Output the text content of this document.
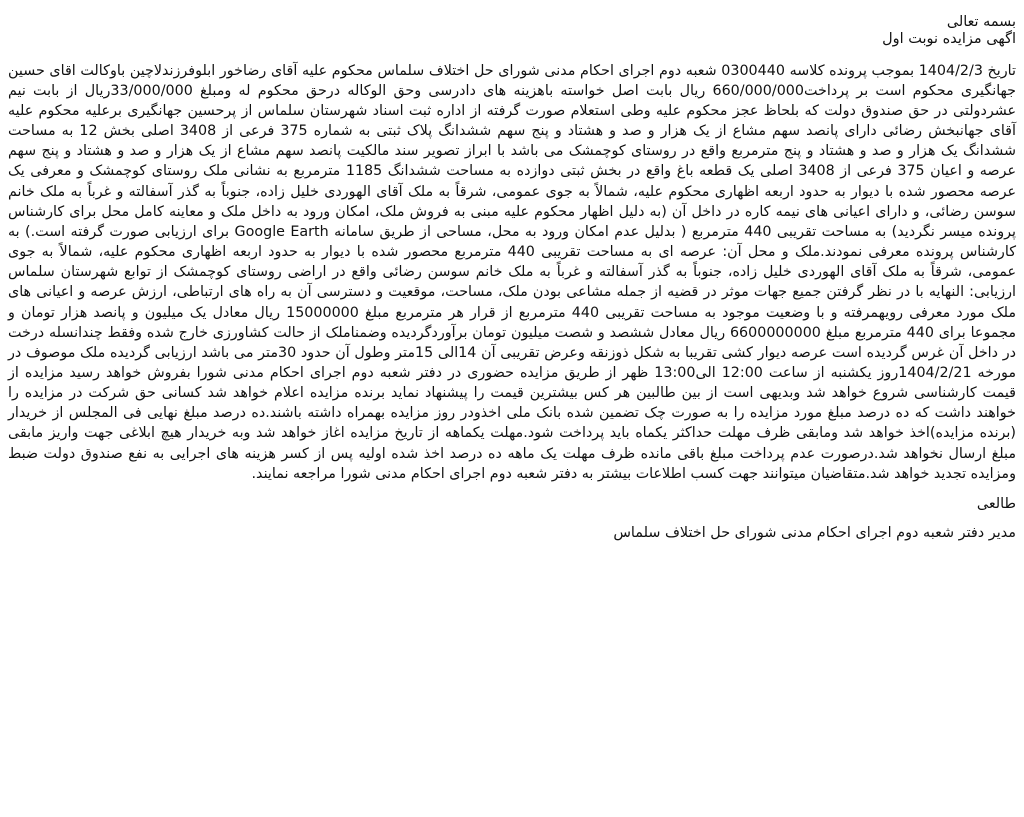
بسمه تعالی

اگهی مزایده نوبت اول

تاریخ 1404/2/3 بموجب پرونده کلاسه 0300440 شعبه دوم اجرای احکام مدنی شورای حل اختلاف سلماس محکوم علیه آقای رضاخور ابلوفرزندلاچین باوکالت اقای حسین جهانگیری محکوم است بر پرداخت660/000/000 ریال بابت اصل خواسته باهزینه های دادرسی وحق الوکاله درحق محکوم له ومبلغ 33/000/000ریال از بابت نیم عشردولتی در حق صندوق دولت که بلحاظ عجز محکوم علیه وطی استعلام صورت گرفته از اداره ثبت اسناد شهرستان سلماس از پرحسین جهانگیری برعلیه محکوم علیه آقای جهانبخش رضائی دارای پانصد سهم مشاع از یک هزار و صد و هشتاد و پنج سهم ششدانگ پلاک ثبتی به شماره 375 فرعی از 3408 اصلی بخش 12 به مساحت ششدانگ یک هزار و صد و هشتاد و پنج مترمربع واقع در روستای کوچمشک می باشد با ابراز تصویر سند مالکیت پانصد سهم مشاع از یک هزار و صد و هشتاد و پنج سهم عرصه و اعیان 375 فرعی از 3408 اصلی یک قطعه باغ واقع در بخش ثبتی دوازده به مساحت ششدانگ 1185 مترمربع به نشانی ملک روستای کوچمشک و معرفی یک عرصه محصور شده با دیوار به حدود اربعه اظهاری محکوم علیه، شمالاً به جوی عمومی، شرقاً به ملک آقای الهوردی خلیل زاده، جنوباً به گذر آسفالته و غرباً به ملک خانم سوسن رضائی، و دارای اعیانی های نیمه کاره در داخل آن (به دلیل اظهار محکوم علیه مبنی به فروش ملک، امکان ورود به داخل ملک و معاینه کامل محل برای کارشناس پرونده میسر نگردید) به مساحت تقریبی 440 مترمربع ( بدلیل عدم امکان ورود به محل، مساحی از طریق سامانه Google Earth برای ارزیابی صورت گرفته است.) به کارشناس پرونده معرفی نمودند.ملک و محل آن: عرصه ای به مساحت تقریبی 440 مترمربع محصور شده با دیوار به حدود اربعه اظهاری محکوم علیه، شمالاً به جوی عمومی، شرقاً به ملک آقای الهوردی خلیل زاده، جنوباً به گذر آسفالته و غرباً به ملک خانم سوسن رضائی واقع در اراضی روستای کوچمشک از توابع شهرستان سلماس ارزیابی: النهایه با در نظر گرفتن جمیع جهات موثر در قضیه از جمله مشاعی بودن ملک، مساحت، موقعیت و دسترسی آن به راه های ارتباطی، ارزش عرصه و اعیانی های ملک مورد معرفی رویهمرفته و با وضعیت موجود به مساحت تقریبی 440 مترمربع از قرار هر مترمربع مبلغ 15000000 ریال معادل یک میلیون و پانصد هزار تومان و مجموعا برای 440 مترمربع مبلغ 6600000000 ریال معادل ششصد و شصت میلیون تومان برآوردگردیده وضمناملک از حالت کشاورزی خارج شده وفقط چندانسله درخت در داخل آن غرس گردیده است عرصه دیوار کشی تقریبا به شکل ذوزنقه وعرض تقریبی آن 14الی 15متر وطول آن حدود 30متر می باشد ارزیابی گردیده ملک موصوف در مورخه 1404/2/21روز یکشنبه از ساعت 12:00 الی13:00 ظهر از طریق مزایده حضوری در دفتر شعبه دوم اجرای احکام مدنی شورا بفروش خواهد رسید مزایده از قیمت کارشناسی شروع خواهد شد وبدیهی است از بین طالبین هر کس بیشترین قیمت را پیشنهاد نماید برنده مزایده اعلام خواهد شد کسانی حق شرکت در مزایده را خواهند داشت که ده درصد مبلغ مورد مزایده را به صورت چک تضمین شده بانک ملی اخذودر روز مزایده بهمراه داشته باشند.ده درصد مبلغ نهایی فی المجلس از خریدار (برنده مزایده)اخذ خواهد شد ومابقی ظرف مهلت حداکثر یکماه باید پرداخت شود.مهلت یکماهه از تاریخ مزایده اغاز خواهد شد وبه خریدار هیچ ابلاغی جهت واریز مابقی مبلغ ارسال نخواهد شد.درصورت عدم پرداخت مبلغ باقی مانده ظرف مهلت یک ماهه ده درصد اخذ شده اولیه پس از کسر هزینه های اجرایی به نفع صندوق دولت ضبط ومزایده تجدید خواهد شد.متقاضیان میتوانند جهت کسب اطلاعات بیشتر به دفتر شعبه دوم اجرای احکام مدنی شورا مراجعه نمایند.

طالعی

مدیر دفتر شعبه دوم اجرای احکام مدنی شورای حل اختلاف سلماس
